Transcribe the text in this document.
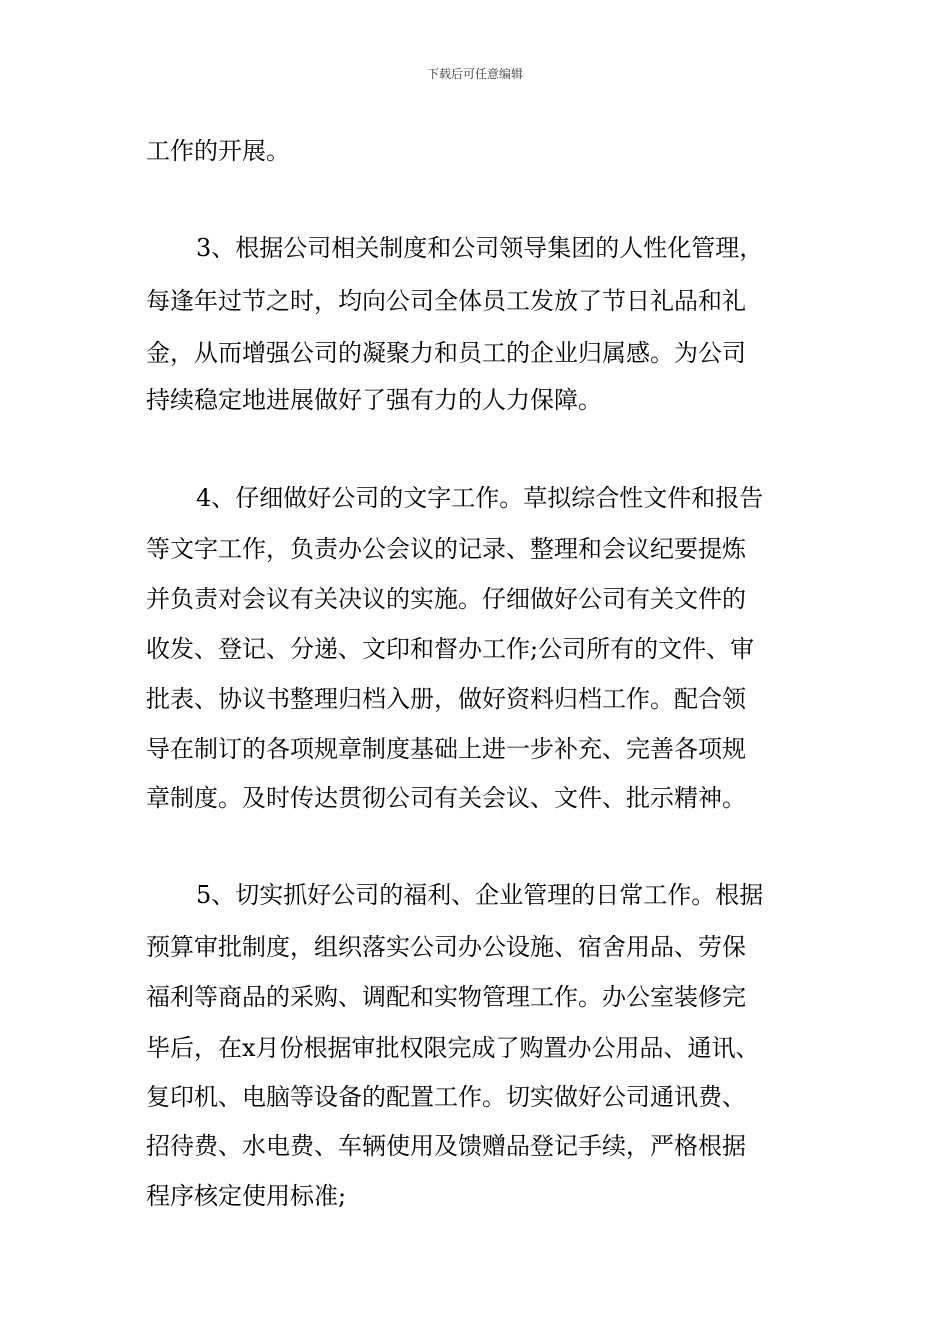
下载后可任意编辑
工作的开展。
3、根据公司相关制度和公司领导集团的人性化管理，
每逢年过节之时，均向公司全体员工发放了节日礼品和礼
金，从而增强公司的凝聚力和员工的企业归属感。为公司
持续稳定地进展做好了强有力的人力保障。
4、仔细做好公司的文字工作。草拟综合性文件和报告
等文字工作，负责办公会议的记录、整理和会议纪要提炼
并负责对会议有关决议的实施。仔细做好公司有关文件的
收发、登记、分递、文印和督办工作;公司所有的文件、审
批表、协议书整理归档入册，做好资料归档工作。配合领
导在制订的各项规章制度基础上进一步补充、完善各项规
章制度。及时传达贯彻公司有关会议、文件、批示精神。
5、切实抓好公司的福利、企业管理的日常工作。根据
预算审批制度，组织落实公司办公设施、宿舍用品、劳保
福利等商品的采购、调配和实物管理工作。办公室装修完
毕后，在x月份根据审批权限完成了购置办公用品、通讯、
复印机、电脑等设备的配置工作。切实做好公司通讯费、
招待费、水电费、车辆使用及馈赠品登记手续，严格根据
程序核定使用标准;
